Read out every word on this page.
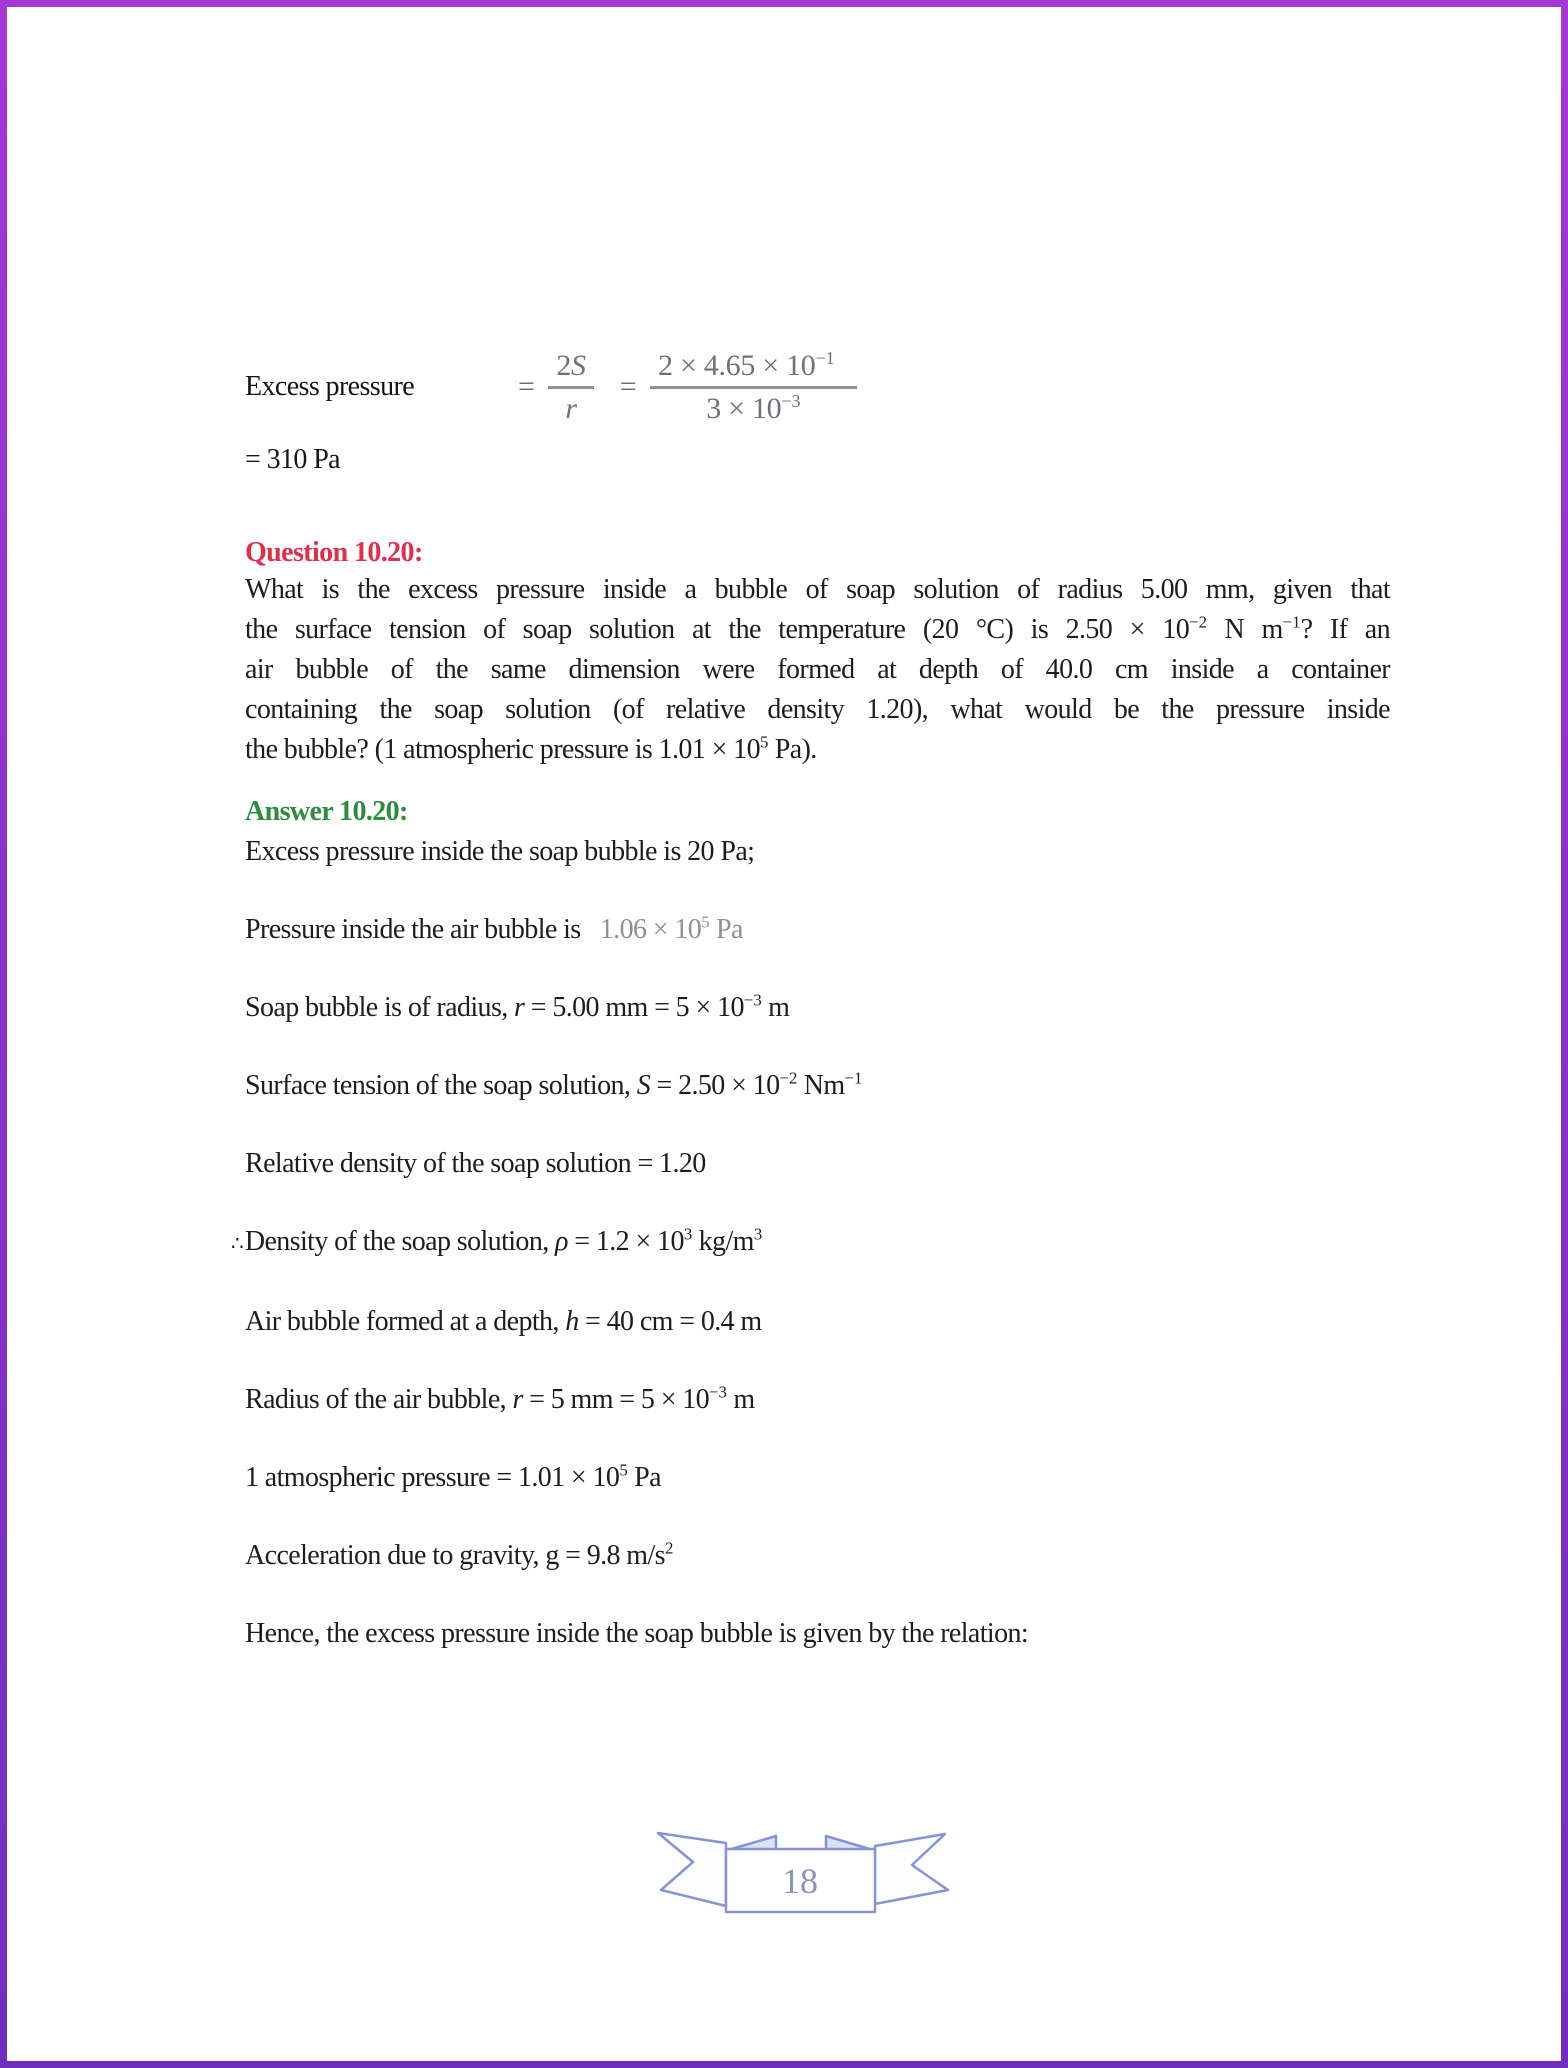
Excess pressure	= $\frac{2S}{r} = \frac{2 \times 4.65 \times 10^{-1}}{3 \times 10^{-3}}$
= 310 Pa
Question 10.20:
What is the excess pressure inside a bubble of soap solution of radius 5.00 mm, given that
the surface tension of soap solution at the temperature (20 °C) is $2.50 \times 10^{-2}$ N $m^{-1}$? If an
air bubble of the same dimension were formed at depth of 40.0 cm inside a container
containing the soap solution (of relative density 1.20), what would be the pressure inside
the bubble? (1 atmospheric pressure is $1.01 \times 10^5$ Pa).
Answer 10.20:
Excess pressure inside the soap bubble is 20 Pa;
Pressure inside the air bubble is   $1.06 \times 10^5$ Pa
Soap bubble is of radius, r = 5.00 mm = $5 \times 10^{-3}$ m
Surface tension of the soap solution, $S = 2.50 \times 10^{-2}$ $Nm^{-1}$
Relative density of the soap solution = 1.20
∴Density of the soap solution, $\rho = 1.2 \times 10^3$ $kg/m^3$
Air bubble formed at a depth, h = 40 cm = 0.4 m
Radius of the air bubble, r = 5 mm = $5 \times 10^{-3}$ m
1 atmospheric pressure = $1.01 \times 10^5$ Pa
Acceleration due to gravity, g = 9.8 $m/s^2$
Hence, the excess pressure inside the soap bubble is given by the relation:
18
